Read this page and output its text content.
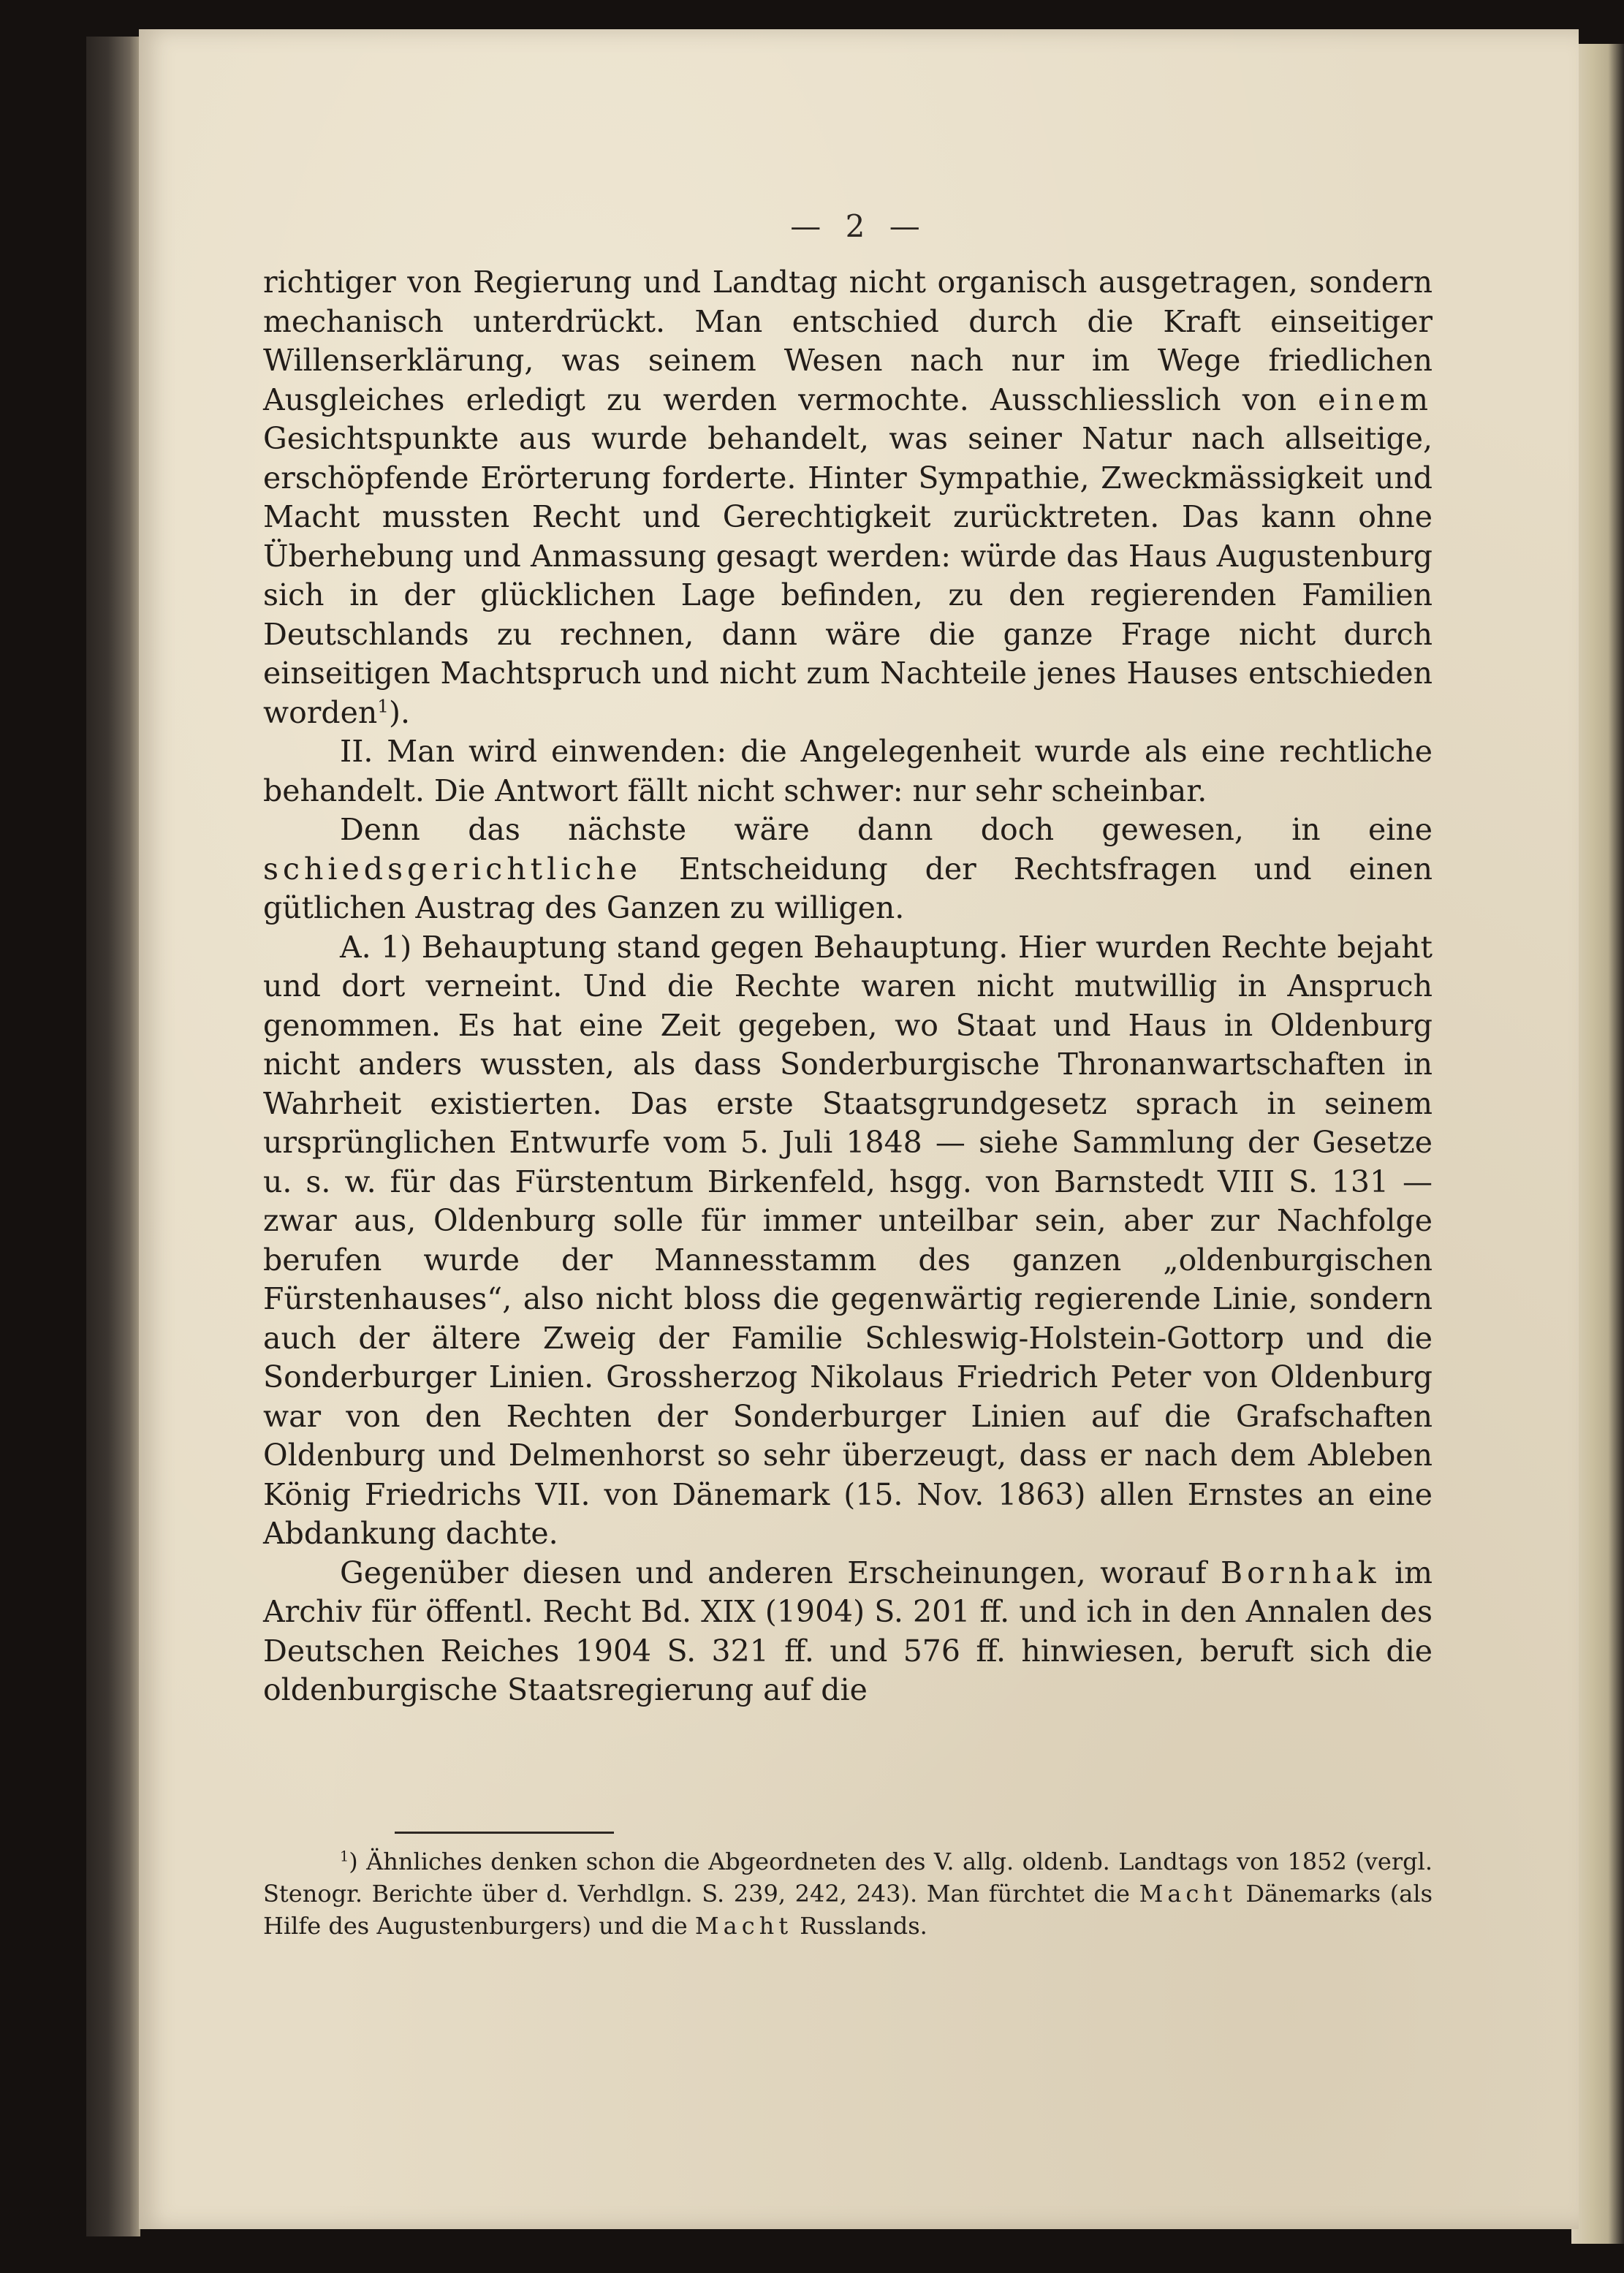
— 2 —

richtiger von Regierung und Landtag nicht organisch ausgetragen, sondern mechanisch unterdrückt. Man entschied durch die Kraft einseitiger Willenserklärung, was seinem Wesen nach nur im Wege friedlichen Ausgleiches erledigt zu werden vermochte. Ausschliesslich von einem Gesichtspunkte aus wurde behandelt, was seiner Natur nach allseitige, erschöpfende Erörterung forderte. Hinter Sympathie, Zweckmässigkeit und Macht mussten Recht und Gerechtigkeit zurücktreten. Das kann ohne Überhebung und Anmassung gesagt werden: würde das Haus Augustenburg sich in der glücklichen Lage befinden, zu den regierenden Familien Deutschlands zu rechnen, dann wäre die ganze Frage nicht durch einseitigen Machtspruch und nicht zum Nachteile jenes Hauses entschieden worden$^1$).

II. Man wird einwenden: die Angelegenheit wurde als eine rechtliche behandelt. Die Antwort fällt nicht schwer: nur sehr scheinbar.

Denn das nächste wäre dann doch gewesen, in eine schiedsgerichtliche Entscheidung der Rechtsfragen und einen gütlichen Austrag des Ganzen zu willigen.

A. 1) Behauptung stand gegen Behauptung. Hier wurden Rechte bejaht und dort verneint. Und die Rechte waren nicht mutwillig in Anspruch genommen. Es hat eine Zeit gegeben, wo Staat und Haus in Oldenburg nicht anders wussten, als dass Sonderburgische Thronanwartschaften in Wahrheit existierten. Das erste Staatsgrundgesetz sprach in seinem ursprünglichen Entwurfe vom 5. Juli 1848 — siehe Sammlung der Gesetze u. s. w. für das Fürstentum Birkenfeld, hsgg. von Barnstedt VIII S. 131 — zwar aus, Oldenburg solle für immer unteilbar sein, aber zur Nachfolge berufen wurde der Mannesstamm des ganzen „oldenburgischen Fürstenhauses“, also nicht bloss die gegenwärtig regierende Linie, sondern auch der ältere Zweig der Familie Schleswig-Holstein-Gottorp und die Sonderburger Linien. Grossherzog Nikolaus Friedrich Peter von Oldenburg war von den Rechten der Sonderburger Linien auf die Grafschaften Oldenburg und Delmenhorst so sehr überzeugt, dass er nach dem Ableben König Friedrichs VII. von Dänemark (15. Nov. 1863) allen Ernstes an eine Abdankung dachte.

Gegenüber diesen und anderen Erscheinungen, worauf Bornhak im Archiv für öffentl. Recht Bd. XIX (1904) S. 201 ff. und ich in den Annalen des Deutschen Reiches 1904 S. 321 ff. und 576 ff. hinwiesen, beruft sich die oldenburgische Staatsregierung auf die

$^1$) Ähnliches denken schon die Abgeordneten des V. allg. oldenb. Landtags von 1852 (vergl. Stenogr. Berichte über d. Verhdlgn. S. 239, 242, 243). Man fürchtet die Macht Dänemarks (als Hilfe des Augustenburgers) und die Macht Russlands.
